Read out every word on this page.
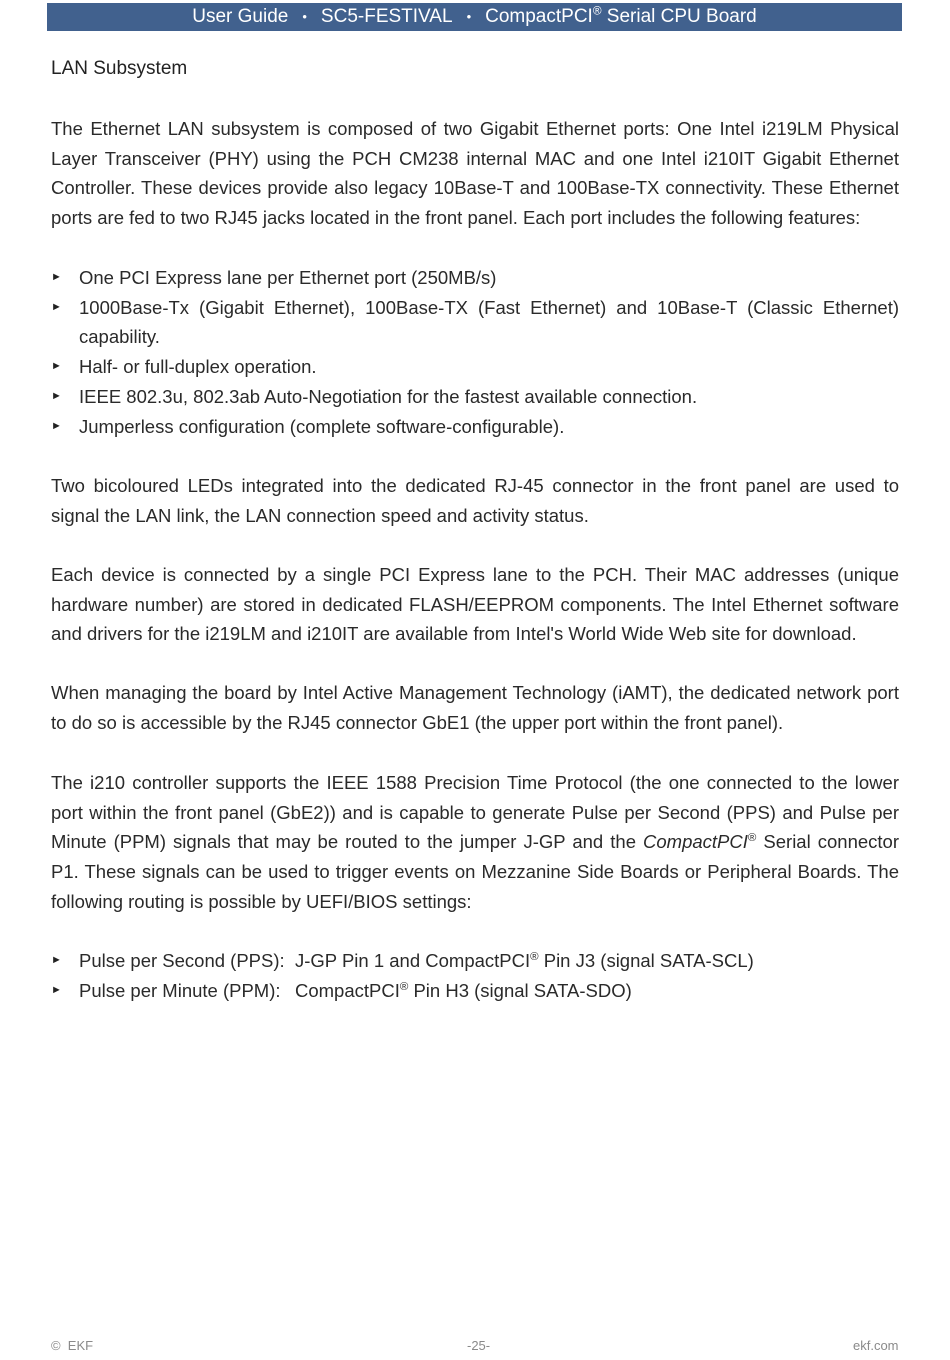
User Guide • SC5-FESTIVAL • CompactPCI® Serial CPU Board
LAN Subsystem

The Ethernet LAN subsystem is composed of two Gigabit Ethernet ports: One Intel i219LM Physical Layer Transceiver (PHY) using the PCH CM238 internal MAC and one Intel i210IT Gigabit Ethernet Controller. These devices provide also legacy 10Base-T and 100Base-TX connectivity. These Ethernet ports are fed to two RJ45 jacks located in the front panel. Each port includes the following features:

► One PCI Express lane per Ethernet port (250MB/s)
► 1000Base-Tx (Gigabit Ethernet), 100Base-TX (Fast Ethernet) and 10Base-T (Classic Ethernet) capability.
► Half- or full-duplex operation.
► IEEE 802.3u, 802.3ab Auto-Negotiation for the fastest available connection.
► Jumperless configuration (complete software-configurable).

Two bicoloured LEDs integrated into the dedicated RJ-45 connector in the front panel are used to signal the LAN link, the LAN connection speed and activity status.

Each device is connected by a single PCI Express lane to the PCH. Their MAC addresses (unique hardware number) are stored in dedicated FLASH/EEPROM components. The Intel Ethernet software and drivers for the i219LM and i210IT are available from Intel's World Wide Web site for download.

When managing the board by Intel Active Management Technology (iAMT), the dedicated network port to do so is accessible by the RJ45 connector GbE1 (the upper port within the front panel).

The i210 controller supports the IEEE 1588 Precision Time Protocol (the one connected to the lower port within the front panel (GbE2)) and is capable to generate Pulse per Second (PPS) and Pulse per Minute (PPM) signals that may be routed to the jumper J-GP and the CompactPCI® Serial connector P1. These signals can be used to trigger events on Mezzanine Side Boards or Peripheral Boards. The following routing is possible by UEFI/BIOS settings:

► Pulse per Second (PPS): J-GP Pin 1 and CompactPCI® Pin J3 (signal SATA-SCL)
► Pulse per Minute (PPM): CompactPCI® Pin H3 (signal SATA-SDO)
©  EKF	-25-	ekf.com
